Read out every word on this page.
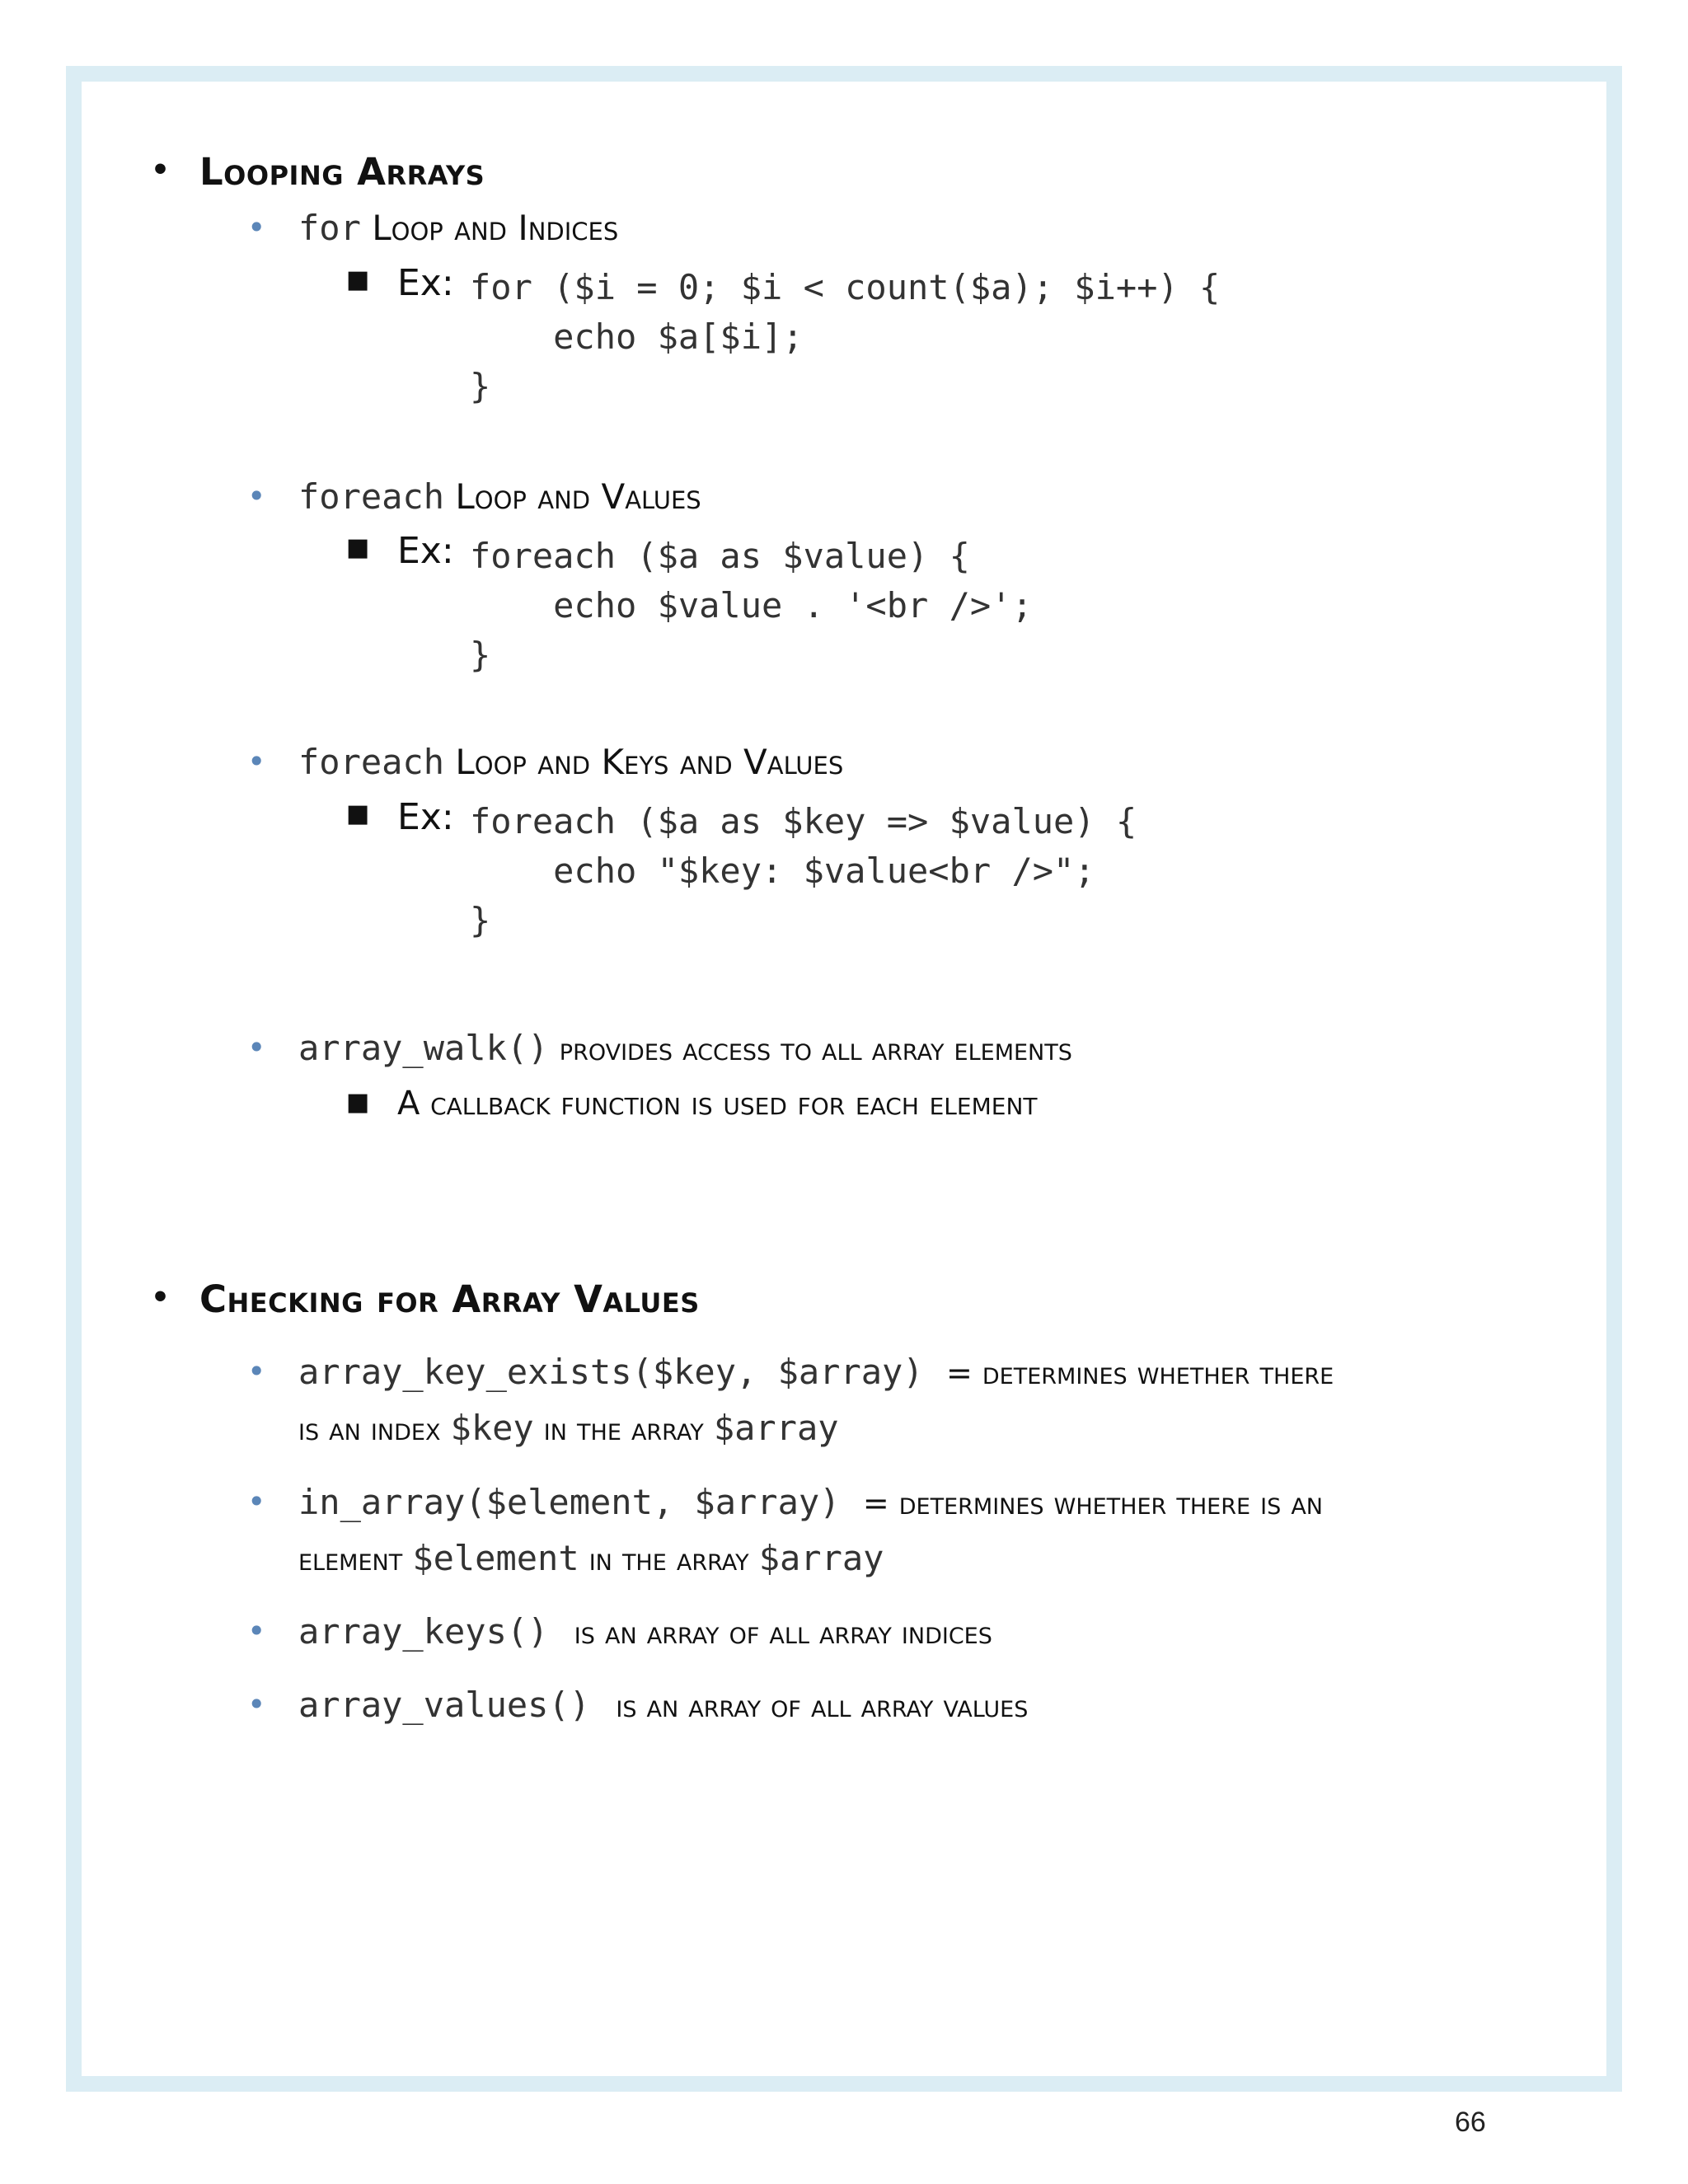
• Looping Arrays
• for Loop and Indices
■ Ex: for ($i = 0; $i < count($a); $i++) {
echo $a[$i];
}
• foreach Loop and Values
■ Ex: foreach ($a as $value) {
echo $value . '<br />';
}
• foreach Loop and Keys and Values
■ Ex: foreach ($a as $key => $value) {
echo "$key: $value<br />";
}
• array_walk() provides access to all array elements
■ A callback function is used for each element
• Checking for Array Values
• array_key_exists($key, $array) = determines whether there
is an index $key in the array $array
• in_array($element, $array) = determines whether there is an
element $element in the array $array
• array_keys() is an array of all array indices
• array_values() is an array of all array values
66
